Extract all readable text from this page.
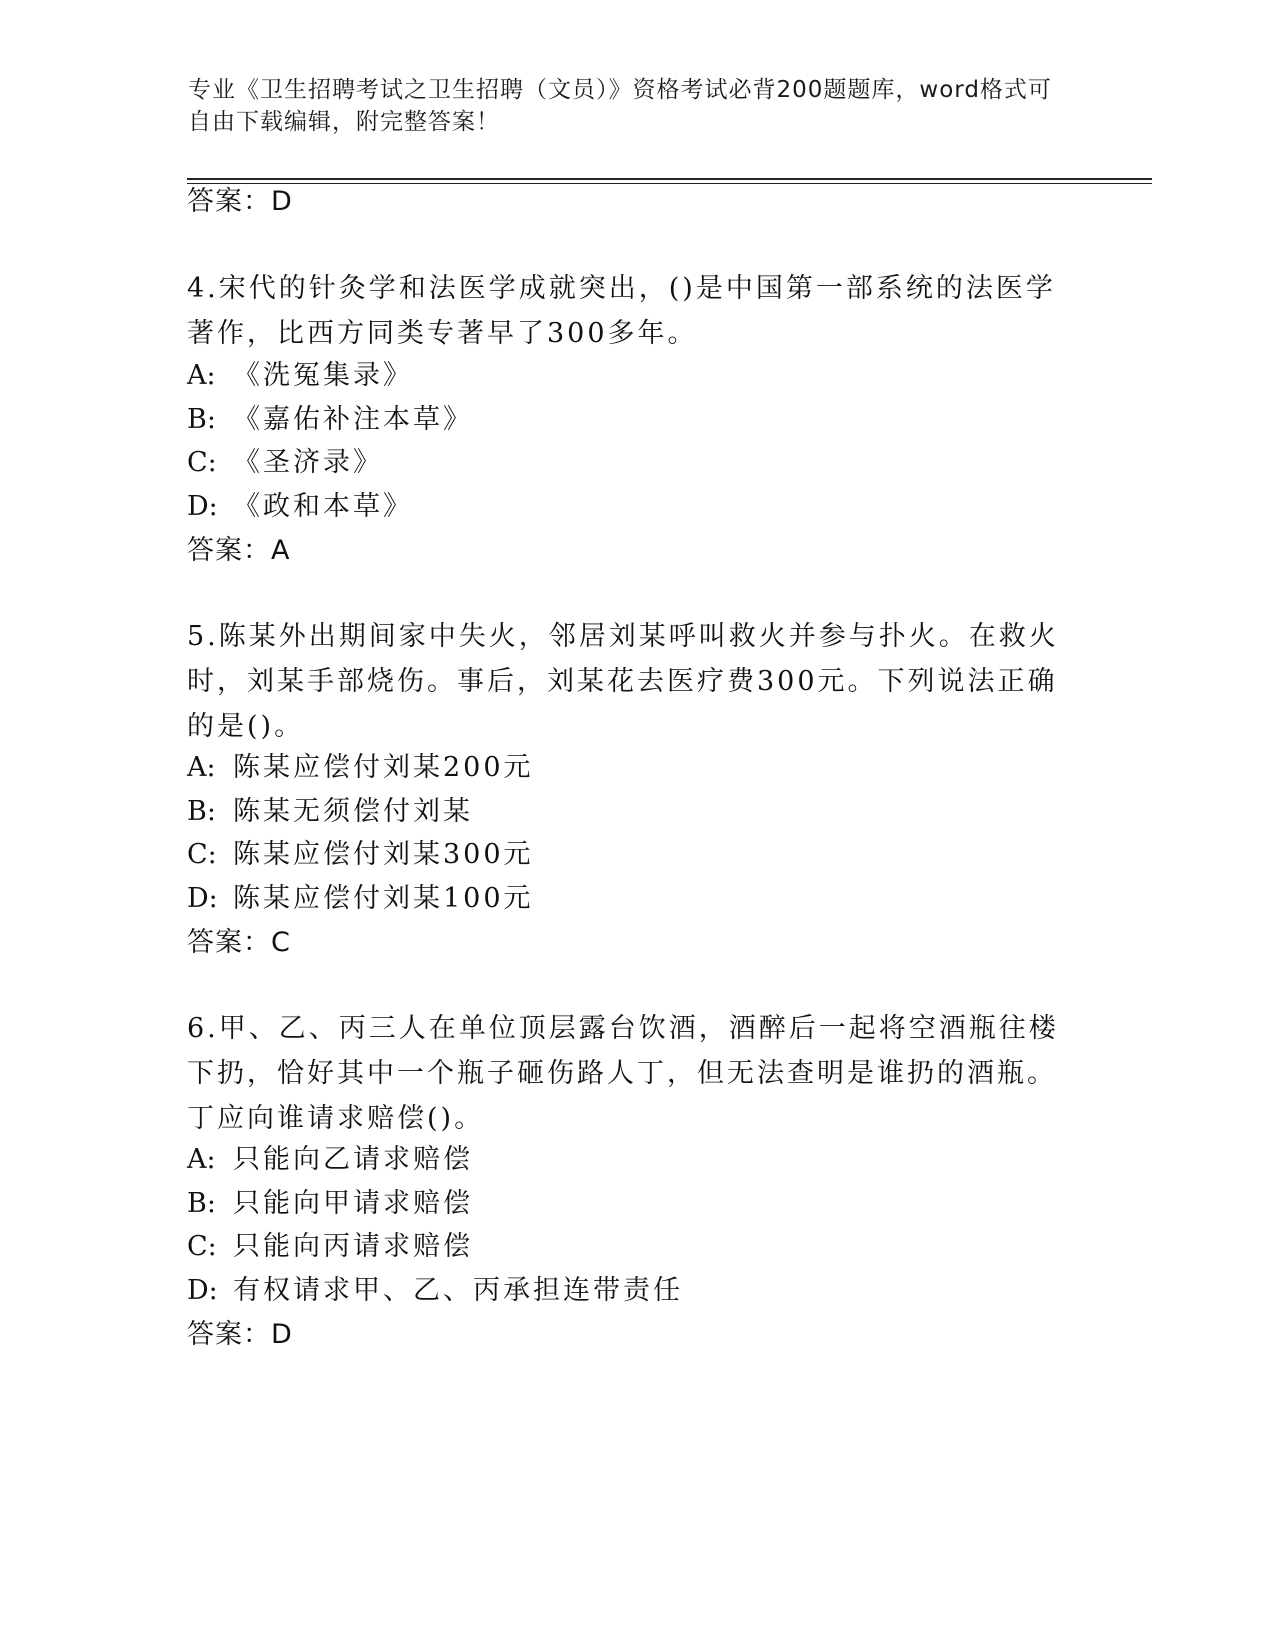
专业《卫生招聘考试之卫生招聘（文员）》资格考试必背200题题库，word格式可自由下载编辑，附完整答案！

答案：D

4.宋代的针灸学和法医学成就突出，()是中国第一部系统的法医学著作，比西方同类专著早了300多年。

A: 《洗冤集录》

B: 《嘉佑补注本草》

C: 《圣济录》

D: 《政和本草》

答案：A

5.陈某外出期间家中失火，邻居刘某呼叫救火并参与扑火。在救火时，刘某手部烧伤。事后，刘某花去医疗费300元。下列说法正确的是()。

A: 陈某应偿付刘某200元

B: 陈某无须偿付刘某

C: 陈某应偿付刘某300元

D: 陈某应偿付刘某100元

答案：C

6.甲、乙、丙三人在单位顶层露台饮酒，酒醉后一起将空酒瓶往楼下扔，恰好其中一个瓶子砸伤路人丁，但无法查明是谁扔的酒瓶。丁应向谁请求赔偿()。

A: 只能向乙请求赔偿

B: 只能向甲请求赔偿

C: 只能向丙请求赔偿

D: 有权请求甲、乙、丙承担连带责任

答案：D
